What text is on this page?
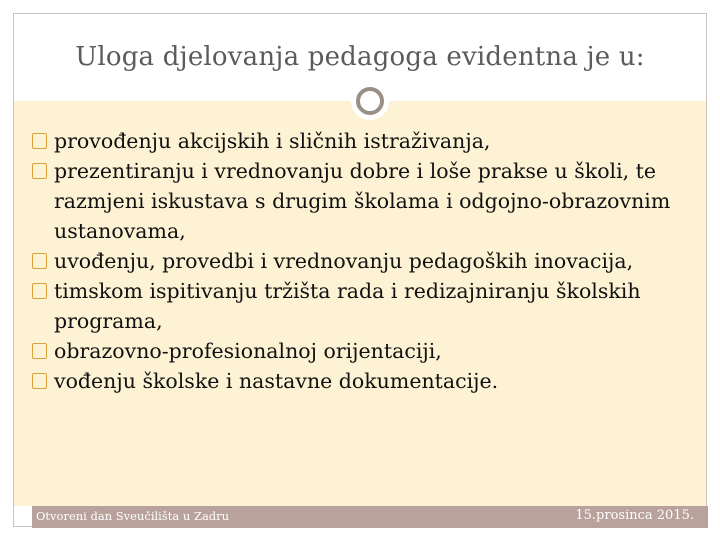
Uloga djelovanja pedagoga evidentna je u:
provođenju akcijskih i sličnih istraživanja,
prezentiranju i vrednovanju dobre i loše prakse u školi, te razmjeni iskustava s drugim školama i odgojno-obrazovnim ustanovama,
uvođenju, provedbi i vrednovanju pedagoških inovacija,
timskom ispitivanju tržišta rada i redizajniranju školskih programa,
obrazovno-profesionalnoj orijentaciji,
vođenju školske i nastavne dokumentacije.
Otvoreni dan Sveučilišta u Zadru	15.prosinca 2015.
